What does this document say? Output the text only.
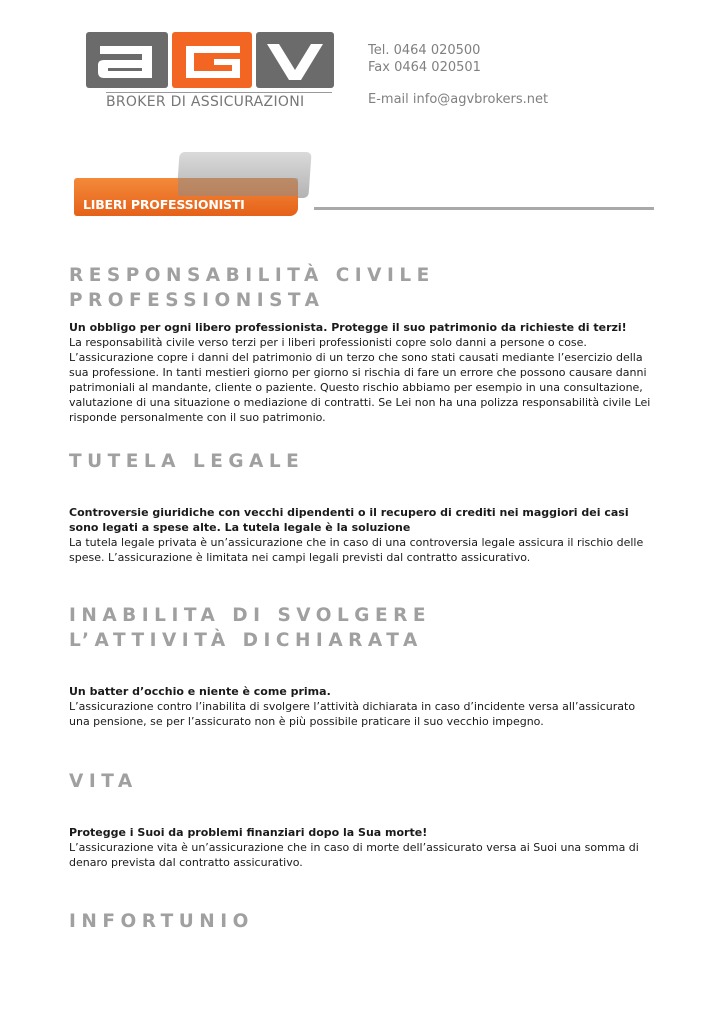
BROKER DI ASSICURAZIONI
Tel. 0464 020500
Fax 0464 020501
E-mail info@agvbrokers.net
LIBERI PROFESSIONISTI
RESPONSABILITÀ CIVILE PROFESSIONISTA

Un obbligo per ogni libero professionista. Protegge il suo patrimonio da richieste di terzi!

La responsabilità civile verso terzi per i liberi professionisti copre solo danni a persone o cose. L’assicurazione copre i danni del patrimonio di un terzo che sono stati causati mediante l’esercizio della sua professione. In tanti mestieri giorno per giorno si rischia di fare un errore che possono causare danni patrimoniali al mandante, cliente o paziente. Questo rischio abbiamo per esempio in una consultazione, valutazione di una situazione o mediazione di contratti. Se Lei non ha una polizza responsabilità civile Lei risponde personalmente con il suo patrimonio.

TUTELA LEGALE

Controversie giuridiche con vecchi dipendenti o il recupero di crediti nei maggiori dei casi sono legati a spese alte. La tutela legale è la soluzione

La tutela legale privata è un’assicurazione che in caso di una controversia legale assicura il rischio delle spese. L’assicurazione è limitata nei campi legali previsti dal contratto assicurativo.

INABILITA DI SVOLGERE L’ATTIVITÀ DICHIARATA

Un batter d’occhio e niente è come prima.

L’assicurazione contro l’inabilita di svolgere l’attività dichiarata in caso d’incidente versa all’assicurato una pensione, se per l’assicurato non è più possibile praticare il suo vecchio impegno.

VITA

Protegge i Suoi da problemi finanziari dopo la Sua morte!

L’assicurazione vita è un’assicurazione che in caso di morte dell’assicurato versa ai Suoi una somma di denaro prevista dal contratto assicurativo.

INFORTUNIO
